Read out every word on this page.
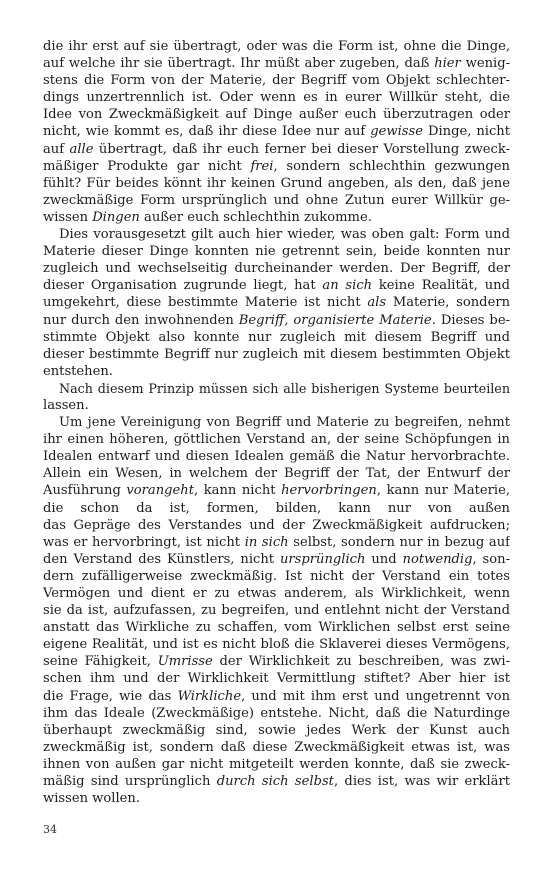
die ihr erst auf sie übertragt, oder was die Form ist, ohne die Dinge,
auf welche ihr sie übertragt. Ihr müßt aber zugeben, daß hier wenig-
stens die Form von der Materie, der Begriff vom Objekt schlechter-
dings unzertrennlich ist. Oder wenn es in eurer Willkür steht, die
Idee von Zweckmäßigkeit auf Dinge außer euch überzutragen oder
nicht, wie kommt es, daß ihr diese Idee nur auf gewisse Dinge, nicht
auf alle übertragt, daß ihr euch ferner bei dieser Vorstellung zweck-
mäßiger Produkte gar nicht frei, sondern schlechthin gezwungen
fühlt? Für beides könnt ihr keinen Grund angeben, als den, daß jene
zweckmäßige Form ursprünglich und ohne Zutun eurer Willkür ge-
wissen Dingen außer euch schlechthin zukomme.
Dies vorausgesetzt gilt auch hier wieder, was oben galt: Form und
Materie dieser Dinge konnten nie getrennt sein, beide konnten nur
zugleich und wechselseitig durcheinander werden. Der Begriff, der
dieser Organisation zugrunde liegt, hat an sich keine Realität, und
umgekehrt, diese bestimmte Materie ist nicht als Materie, sondern
nur durch den inwohnenden Begriff, organisierte Materie. Dieses be-
stimmte Objekt also konnte nur zugleich mit diesem Begriff und
dieser bestimmte Begriff nur zugleich mit diesem bestimmten Objekt
entstehen.
Nach diesem Prinzip müssen sich alle bisherigen Systeme beurteilen
lassen.
Um jene Vereinigung von Begriff und Materie zu begreifen, nehmt
ihr einen höheren, göttlichen Verstand an, der seine Schöpfungen in
Idealen entwarf und diesen Idealen gemäß die Natur hervorbrachte.
Allein ein Wesen, in welchem der Begriff der Tat, der Entwurf der
Ausführung vorangeht, kann nicht hervorbringen, kann nur Materie,
die schon da ist, formen, bilden, kann nur von außen
das Gepräge des Verstandes und der Zweckmäßigkeit aufdrucken;
was er hervorbringt, ist nicht in sich selbst, sondern nur in bezug auf
den Verstand des Künstlers, nicht ursprünglich und notwendig, son-
dern zufälligerweise zweckmäßig. Ist nicht der Verstand ein totes
Vermögen und dient er zu etwas anderem, als Wirklichkeit, wenn
sie da ist, aufzufassen, zu begreifen, und entlehnt nicht der Verstand
anstatt das Wirkliche zu schaffen, vom Wirklichen selbst erst seine
eigene Realität, und ist es nicht bloß die Sklaverei dieses Vermögens,
seine Fähigkeit, Umrisse der Wirklichkeit zu beschreiben, was zwi-
schen ihm und der Wirklichkeit Vermittlung stiftet? Aber hier ist
die Frage, wie das Wirkliche, und mit ihm erst und ungetrennt von
ihm das Ideale (Zweckmäßige) entstehe. Nicht, daß die Naturdinge
überhaupt zweckmäßig sind, sowie jedes Werk der Kunst auch
zweckmäßig ist, sondern daß diese Zweckmäßigkeit etwas ist, was
ihnen von außen gar nicht mitgeteilt werden konnte, daß sie zweck-
mäßig sind ursprünglich durch sich selbst, dies ist, was wir erklärt
wissen wollen.
34
